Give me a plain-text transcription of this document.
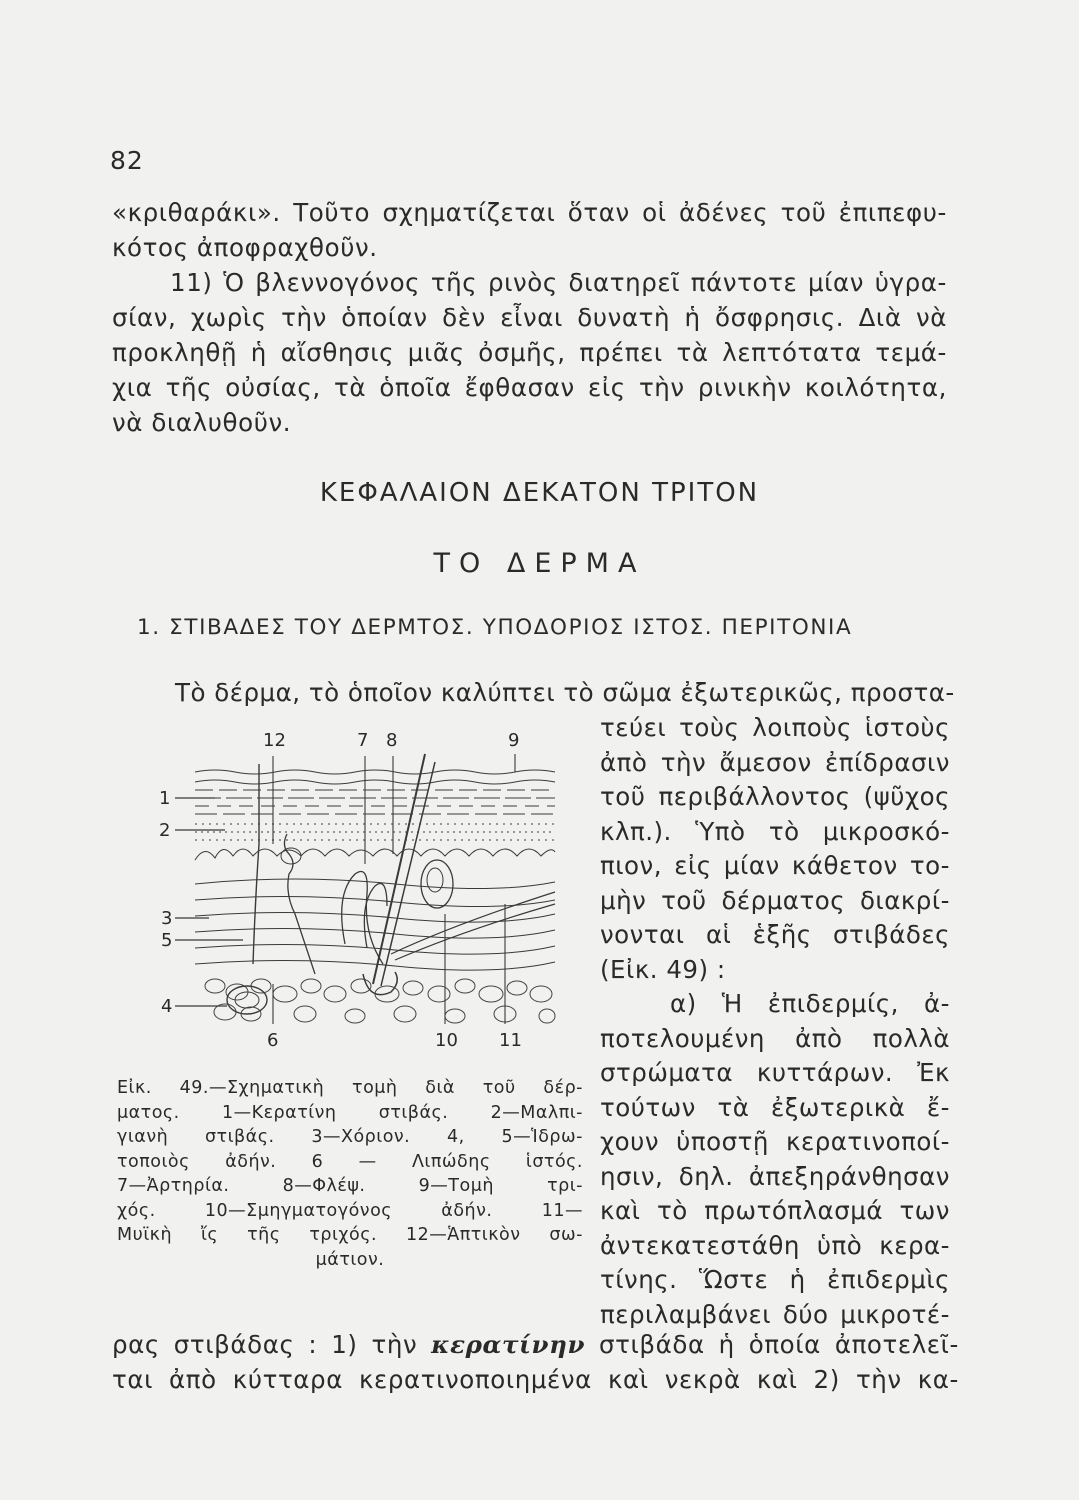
82
«κριθαράκι». Τοῦτο σχηματίζεται ὅταν οἱ ἀδένες τοῦ ἐπιπεφυ-
κότος ἀποφραχθοῦν.
11) Ὁ βλεννογόνος τῆς ρινὸς διατηρεῖ πάντοτε μίαν ὑγρα-
σίαν, χωρὶς τὴν ὁποίαν δὲν εἶναι δυνατὴ ἡ ὄσφρησις. Διὰ νὰ
προκληθῇ ἡ αἴσθησις μιᾶς ὀσμῆς, πρέπει τὰ λεπτότατα τεμά-
χια τῆς οὐσίας, τὰ ὁποῖα ἔφθασαν εἰς τὴν ρινικὴν κοιλότητα,
νὰ διαλυθοῦν.
ΚΕΦΑΛΑΙΟΝ ΔΕΚΑΤΟΝ ΤΡΙΤΟΝ
ΤΟ ΔΕΡΜΑ
1. ΣΤΙΒΑΔΕΣ ΤΟΥ ΔΕΡΜΤΟΣ. ΥΠΟΔΟΡΙΟΣ ΙΣΤΟΣ. ΠΕΡΙΤΟΝΙΑ
Τὸ δέρμα, τὸ ὁποῖον καλύπτει τὸ σῶμα ἐξωτερικῶς, προστα-
τεύει τοὺς λοιποὺς ἱστοὺς
ἀπὸ τὴν ἄμεσον ἐπίδρασιν
τοῦ περιβάλλοντος (ψῦχος
κλπ.). Ὑπὸ τὸ μικροσκό-
πιον, εἰς μίαν κάθετον το-
μὴν τοῦ δέρματος διακρί-
νονται αἱ ἑξῆς στιβάδες
(Εἰκ. 49) :
α) Ἡ ἐπιδερμίς, ἀ-
ποτελουμένη ἀπὸ πολλὰ
στρώματα κυττάρων. Ἐκ
τούτων τὰ ἐξωτερικὰ ἔ-
χουν ὑποστῇ κερατινοποί-
ησιν, δηλ. ἀπεξηράνθησαν
καὶ τὸ πρωτόπλασμά των
ἀντεκατεστάθη ὑπὸ κερα-
τίνης. Ὥστε ἡ ἐπιδερμὶς
περιλαμβάνει δύο μικροτέ-
ρας στιβάδας : 1) τὴν κερατίνην στιβάδα ἡ ὁποία ἀποτελεῖ-
ται ἀπὸ κύτταρα κερατινοποιημένα καὶ νεκρὰ καὶ 2) τὴν κα-
12	7 8	9
1
2
3
5
4
6	10 11
Εἰκ. 49.—Σχηματικὴ τομὴ διὰ τοῦ δέρ-
ματος. 1—Κερατίνη στιβάς. 2—Μαλπι-
γιανὴ στιβάς. 3—Χόριον. 4, 5—Ἱδρω-
τοποιὸς ἀδήν. 6 — Λιπώδης ἱστός.
7—Ἀρτηρία. 8—Φλέψ. 9—Τομὴ τρι-
χός. 10—Σμηγματογόνος ἀδήν. 11—
Μυϊκὴ ἴς τῆς τριχός. 12—Ἁπτικὸν σω-
μάτιον.
